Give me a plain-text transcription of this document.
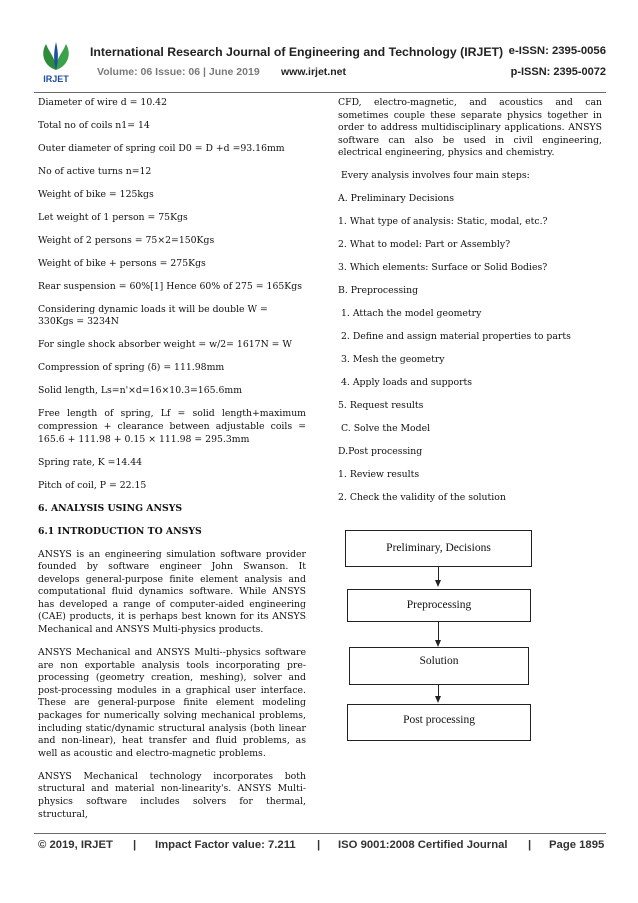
IRJET
International Research Journal of Engineering and Technology (IRJET) e-ISSN: 2395-0056
Volume: 06 Issue: 06 | June 2019 www.irjet.net	p-ISSN: 2395-0072

Diameter of wire d = 10.42

Total no of coils n1= 14

Outer diameter of spring coil D0 = D +d =93.16mm

No of active turns n=12

Weight of bike = 125kgs

Let weight of 1 person = 75Kgs

Weight of 2 persons = 75×2=150Kgs

Weight of bike + persons = 275Kgs

Rear suspension = 60%[1] Hence 60% of 275 = 165Kgs

Considering dynamic loads it will be double W = 330Kgs = 3234N

For single shock absorber weight = w/2= 1617N = W

Compression of spring (δ) = 111.98mm

Solid length, Ls=n'×d=16×10.3=165.6mm

Free length of spring, Lf = solid length+maximum compression + clearance between adjustable coils = 165.6 + 111.98 + 0.15 × 111.98 = 295.3mm

Spring rate, K =14.44

Pitch of coil, P = 22.15

6. ANALYSIS USING ANSYS

6.1 INTRODUCTION TO ANSYS

ANSYS is an engineering simulation software provider founded by software engineer John Swanson. It develops general-purpose finite element analysis and computational fluid dynamics software. While ANSYS has developed a range of computer-aided engineering (CAE) products, it is perhaps best known for its ANSYS Mechanical and ANSYS Multi-physics products.

ANSYS Mechanical and ANSYS Multi--physics software are non exportable analysis tools incorporating pre-processing (geometry creation, meshing), solver and post-processing modules in a graphical user interface. These are general-purpose finite element modeling packages for numerically solving mechanical problems, including static/dynamic structural analysis (both linear and non-linear), heat transfer and fluid problems, as well as acoustic and electro-magnetic problems.

ANSYS Mechanical technology incorporates both structural and material non-linearity's. ANSYS Multi-physics software includes solvers for thermal, structural,

CFD, electro-magnetic, and acoustics and can sometimes couple these separate physics together in order to address multidisciplinary applications. ANSYS software can also be used in civil engineering, electrical engineering, physics and chemistry.

Every analysis involves four main steps:

A. Preliminary Decisions

1. What type of analysis: Static, modal, etc.?

2. What to model: Part or Assembly?

3. Which elements: Surface or Solid Bodies?

B. Preprocessing

1. Attach the model geometry

2. Define and assign material properties to parts

3. Mesh the geometry

4. Apply loads and supports

5. Request results

C. Solve the Model

D.Post processing

1. Review results

2. Check the validity of the solution

Preliminary, Decisions
Preprocessing
Solution
Post processing
© 2019, IRJET | Impact Factor value: 7.211 | ISO 9001:2008 Certified Journal | Page 1895
